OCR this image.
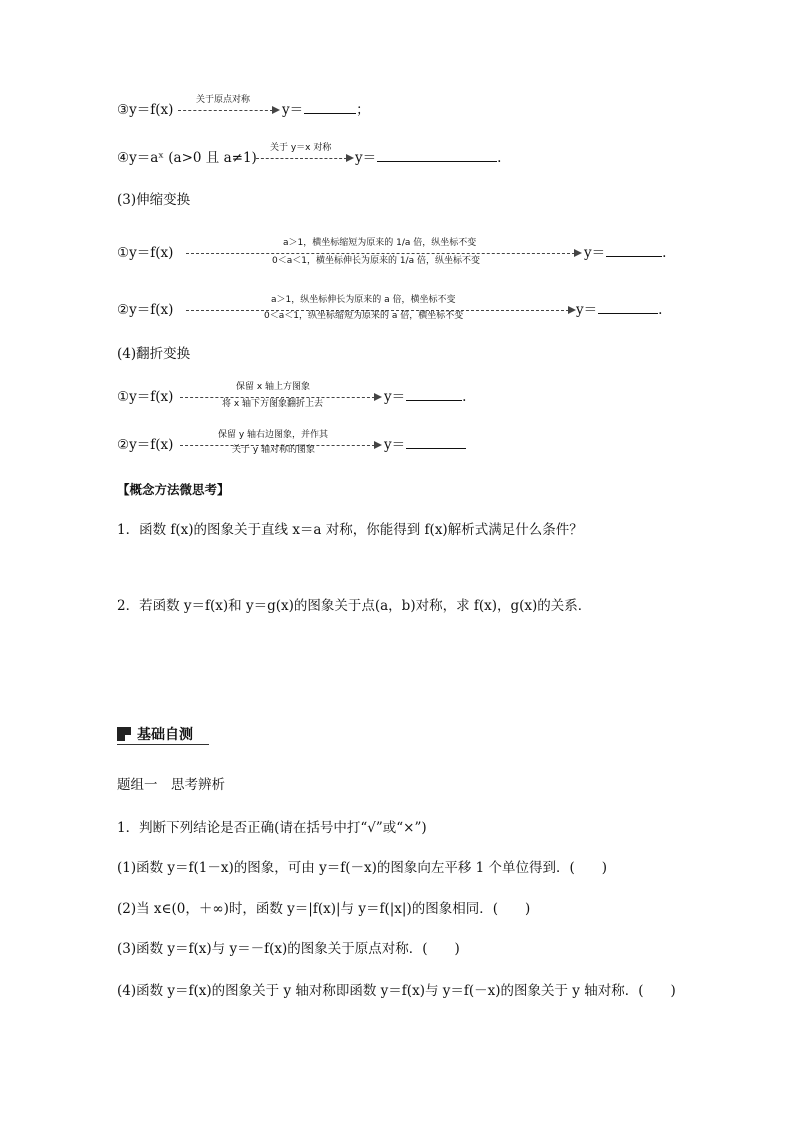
③y＝f(x)
关于原点对称
y＝	；
④y＝aˣ (a>0 且 a≠1)
关于 y＝x 对称
y＝	.
(3)伸缩变换
①y＝f(x)
a＞1，横坐标缩短为原来的 1/a 倍，纵坐标不变
0＜a＜1，横坐标伸长为原来的 1/a 倍，纵坐标不变	y＝	.
②y＝f(x)
a＞1，纵坐标伸长为原来的 a 倍，横坐标不变
0＜a＜1，纵坐标缩短为原来的 a 倍，横坐标不变	y＝	.
(4)翻折变换
①y＝f(x)
保留 x 轴上方图象
将 x 轴下方图象翻折上去	y＝	.
②y＝f(x)
保留 y 轴右边图象，并作其
关于 y 轴对称的图象	y＝
【概念方法微思考】
1．函数 f(x)的图象关于直线 x＝a 对称，你能得到 f(x)解析式满足什么条件？
2．若函数 y＝f(x)和 y＝g(x)的图象关于点(a，b)对称，求 f(x)，g(x)的关系．
基础自测
题组一　思考辨析
1．判断下列结论是否正确(请在括号中打“√”或“×”)
(1)函数 y＝f(1－x)的图象，可由 y＝f(－x)的图象向左平移 1 个单位得到．(　　)
(2)当 x∈(0，＋∞)时，函数 y＝|f(x)|与 y＝f(|x|)的图象相同．(　　)
(3)函数 y＝f(x)与 y＝－f(x)的图象关于原点对称．(　　)
(4)函数 y＝f(x)的图象关于 y 轴对称即函数 y＝f(x)与 y＝f(－x)的图象关于 y 轴对称．(　　)
